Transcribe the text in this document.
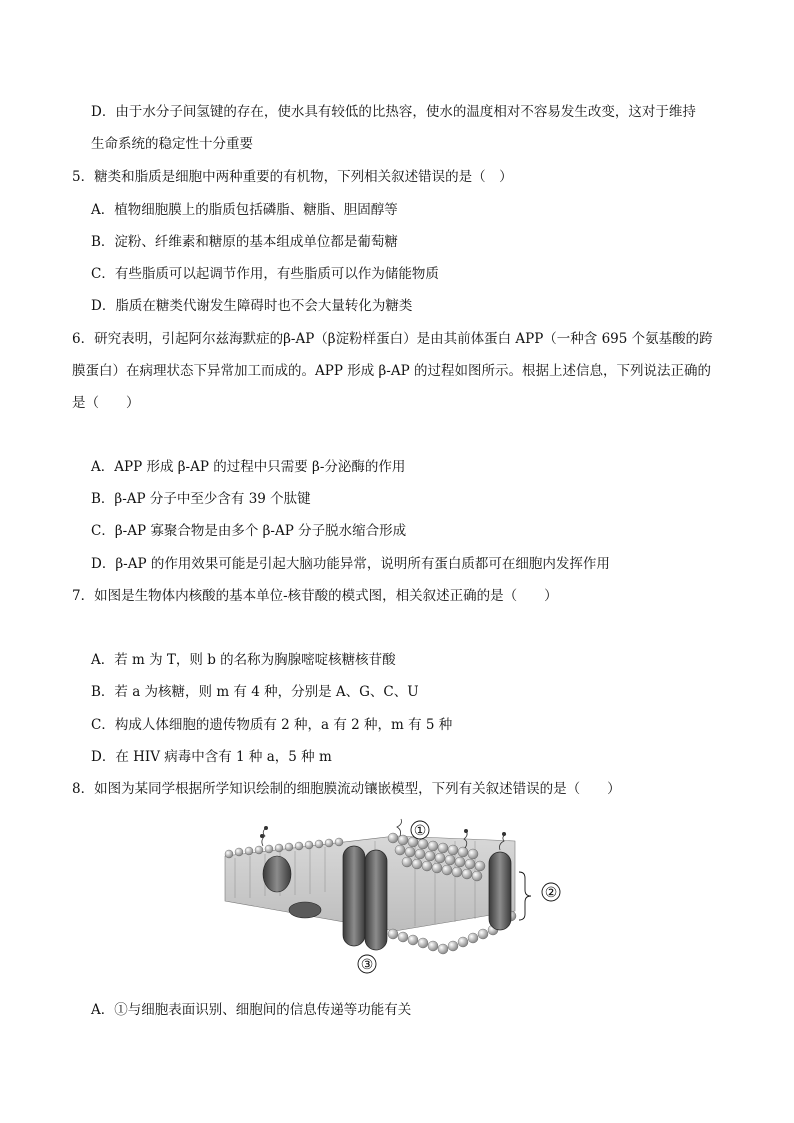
D．由于水分子间氢键的存在，使水具有较低的比热容，使水的温度相对不容易发生改变，这对于维持
生命系统的稳定性十分重要
5．糖类和脂质是细胞中两种重要的有机物，下列相关叙述错误的是（　）
A．植物细胞膜上的脂质包括磷脂、糖脂、胆固醇等
B．淀粉、纤维素和糖原的基本组成单位都是葡萄糖
C．有些脂质可以起调节作用，有些脂质可以作为储能物质
D．脂质在糖类代谢发生障碍时也不会大量转化为糖类
6．研究表明，引起阿尔兹海默症的β-AP（β淀粉样蛋白）是由其前体蛋白 APP（一种含 695 个氨基酸的跨
膜蛋白）在病理状态下异常加工而成的。APP 形成 β-AP 的过程如图所示。根据上述信息，下列说法正确的
是（　　）
A．APP 形成 β-AP 的过程中只需要 β-分泌酶的作用
B．β-AP 分子中至少含有 39 个肽键
C．β-AP 寡聚合物是由多个 β-AP 分子脱水缩合形成
D．β-AP 的作用效果可能是引起大脑功能异常，说明所有蛋白质都可在细胞内发挥作用
7．如图是生物体内核酸的基本单位-核苷酸的模式图，相关叙述正确的是（　　）
A．若 m 为 T，则 b 的名称为胸腺嘧啶核糖核苷酸
B．若 a 为核糖，则 m 有 4 种，分别是 A、G、C、U
C．构成人体细胞的遗传物质有 2 种，a 有 2 种，m 有 5 种
D．在 HIV 病毒中含有 1 种 a，5 种 m
8．如图为某同学根据所学知识绘制的细胞膜流动镶嵌模型，下列有关叙述错误的是（　　）
①
②
③
A．①与细胞表面识别、细胞间的信息传递等功能有关
